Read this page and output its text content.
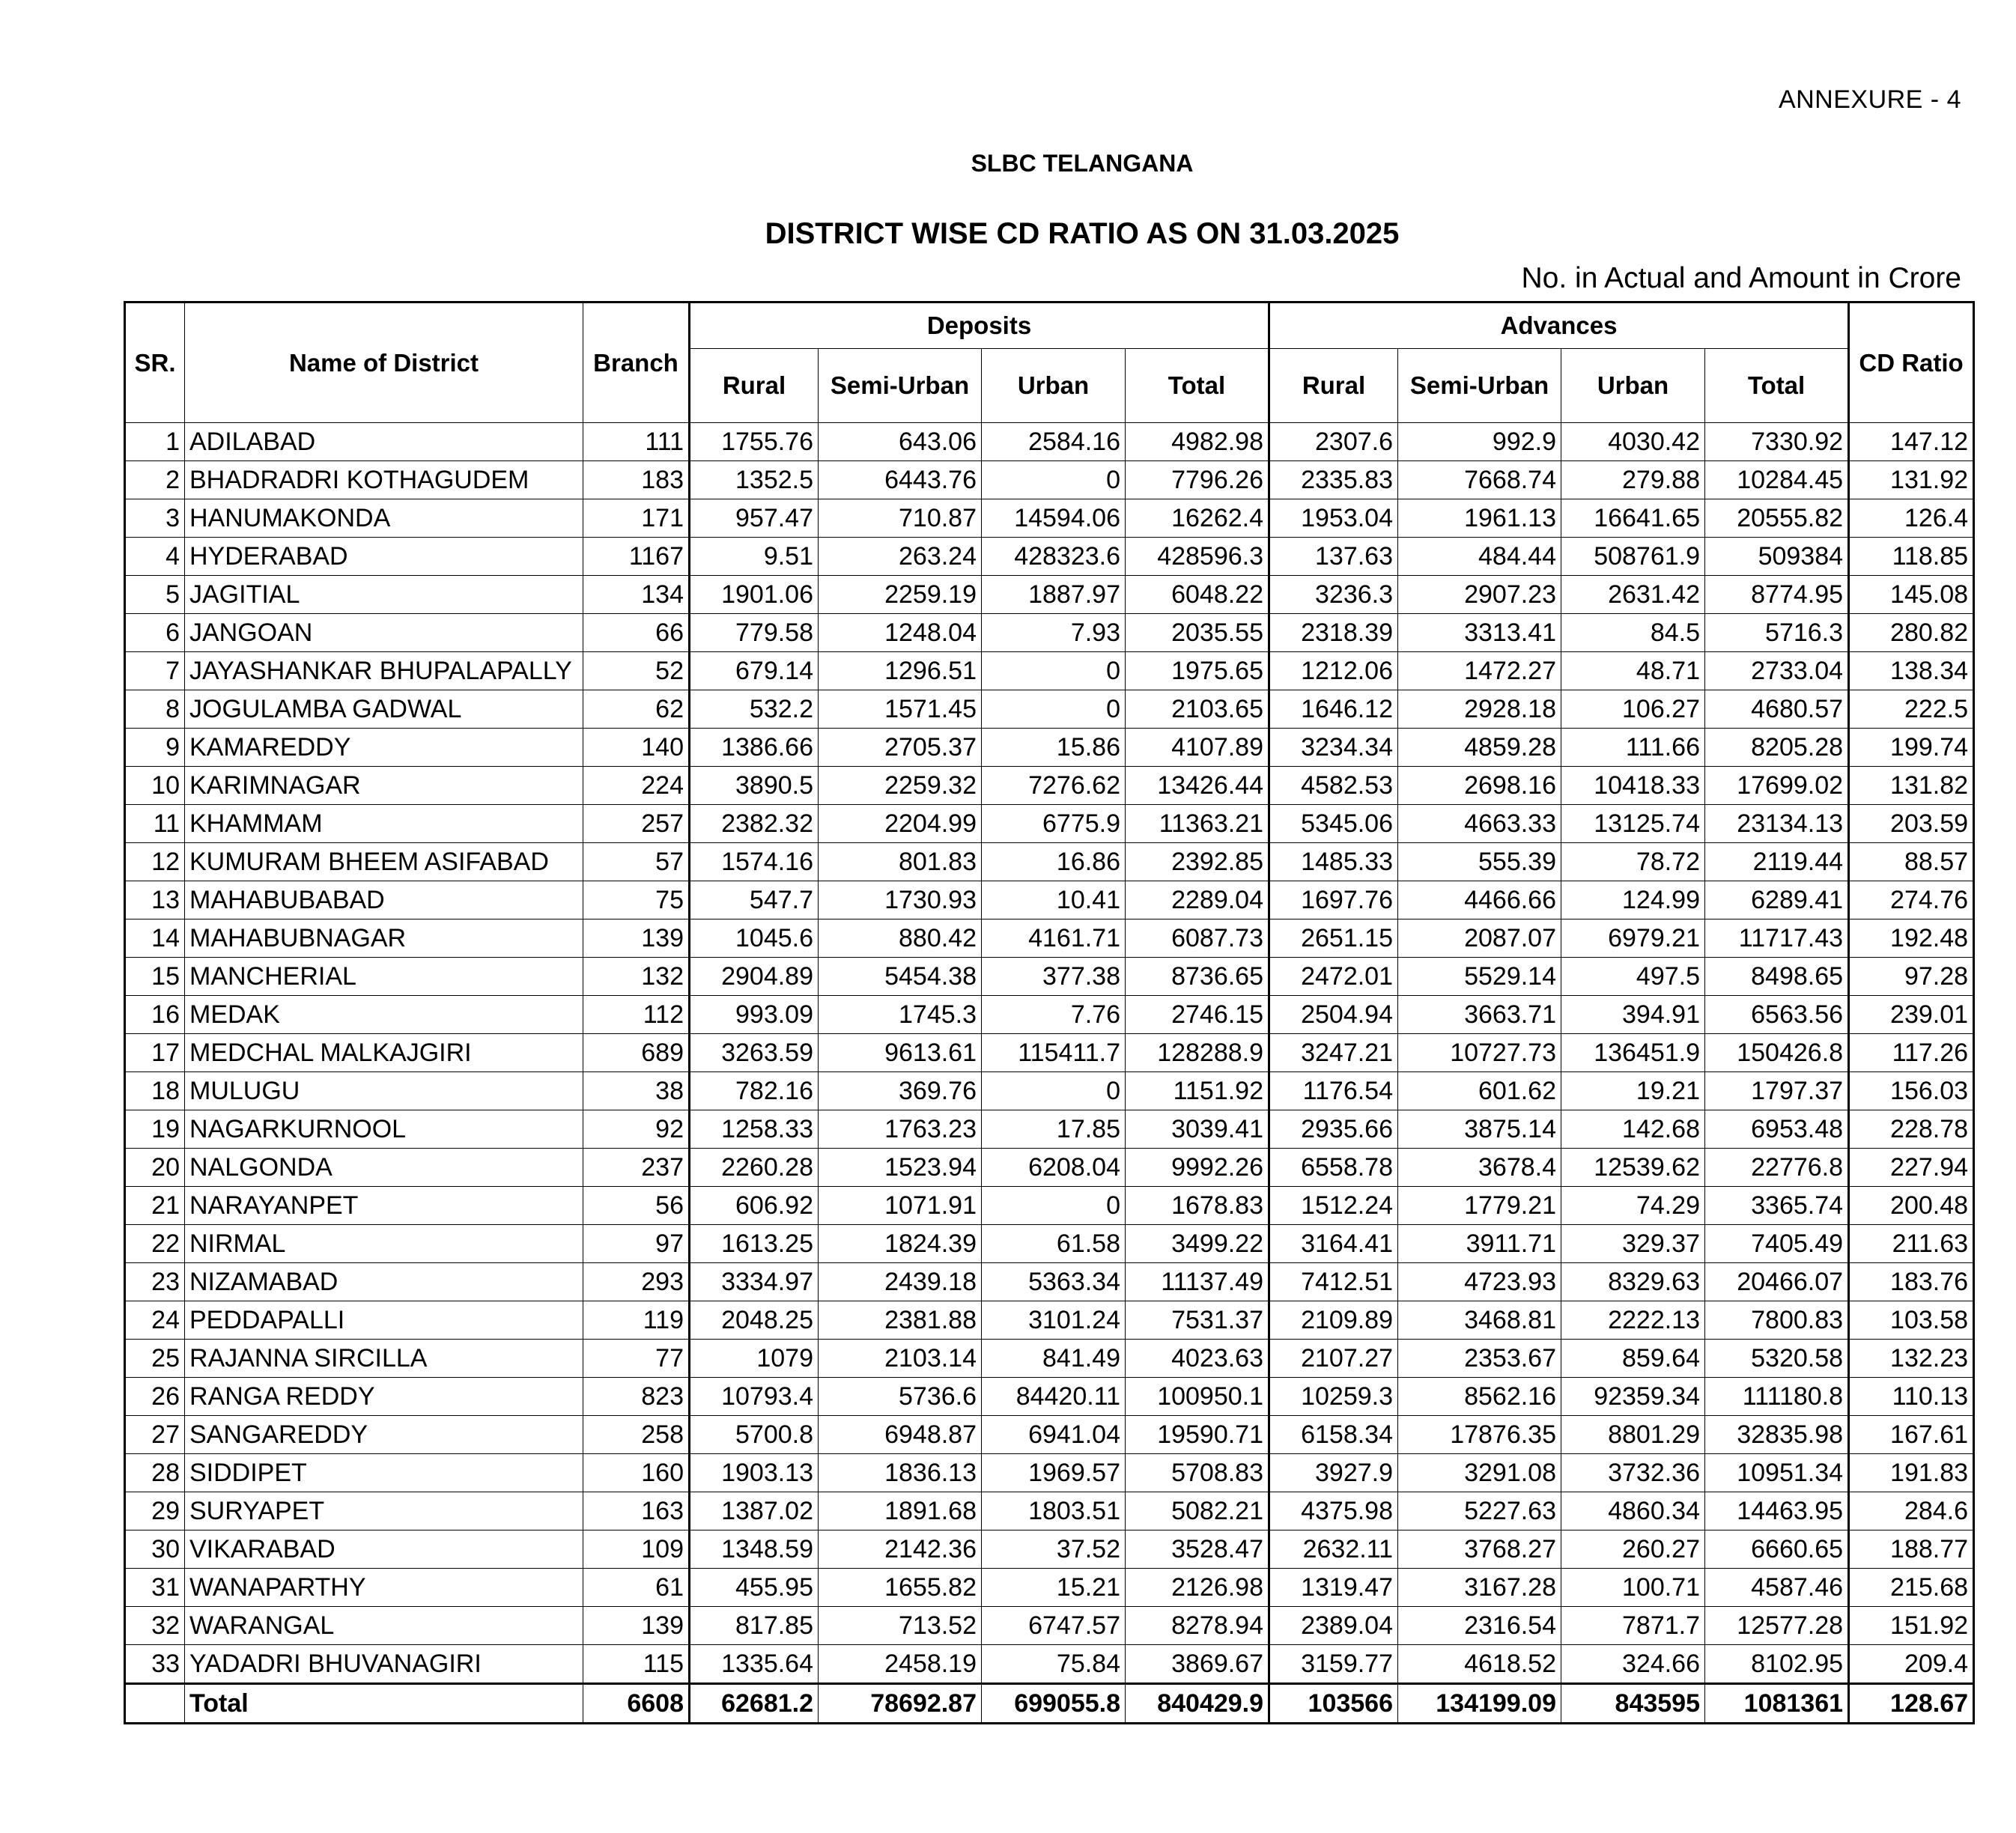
ANNEXURE - 4
SLBC TELANGANA
DISTRICT WISE CD RATIO AS ON 31.03.2025
No. in Actual and Amount in Crore
SR.	Name of District	Branch	Deposits				Advances				CD Ratio
			Rural	Semi-Urban	Urban	Total	Rural	Semi-Urban	Urban	Total	
1	ADILABAD	111	1755.76	643.06	2584.16	4982.98	2307.6	992.9	4030.42	7330.92	147.12
2	BHADRADRI KOTHAGUDEM	183	1352.5	6443.76	0	7796.26	2335.83	7668.74	279.88	10284.45	131.92
3	HANUMAKONDA	171	957.47	710.87	14594.06	16262.4	1953.04	1961.13	16641.65	20555.82	126.4
4	HYDERABAD	1167	9.51	263.24	428323.6	428596.3	137.63	484.44	508761.9	509384	118.85
5	JAGITIAL	134	1901.06	2259.19	1887.97	6048.22	3236.3	2907.23	2631.42	8774.95	145.08
6	JANGOAN	66	779.58	1248.04	7.93	2035.55	2318.39	3313.41	84.5	5716.3	280.82
7	JAYASHANKAR BHUPALAPALLY	52	679.14	1296.51	0	1975.65	1212.06	1472.27	48.71	2733.04	138.34
8	JOGULAMBA GADWAL	62	532.2	1571.45	0	2103.65	1646.12	2928.18	106.27	4680.57	222.5
9	KAMAREDDY	140	1386.66	2705.37	15.86	4107.89	3234.34	4859.28	111.66	8205.28	199.74
10	KARIMNAGAR	224	3890.5	2259.32	7276.62	13426.44	4582.53	2698.16	10418.33	17699.02	131.82
11	KHAMMAM	257	2382.32	2204.99	6775.9	11363.21	5345.06	4663.33	13125.74	23134.13	203.59
12	KUMURAM BHEEM ASIFABAD	57	1574.16	801.83	16.86	2392.85	1485.33	555.39	78.72	2119.44	88.57
13	MAHABUBABAD	75	547.7	1730.93	10.41	2289.04	1697.76	4466.66	124.99	6289.41	274.76
14	MAHABUBNAGAR	139	1045.6	880.42	4161.71	6087.73	2651.15	2087.07	6979.21	11717.43	192.48
15	MANCHERIAL	132	2904.89	5454.38	377.38	8736.65	2472.01	5529.14	497.5	8498.65	97.28
16	MEDAK	112	993.09	1745.3	7.76	2746.15	2504.94	3663.71	394.91	6563.56	239.01
17	MEDCHAL MALKAJGIRI	689	3263.59	9613.61	115411.7	128288.9	3247.21	10727.73	136451.9	150426.8	117.26
18	MULUGU	38	782.16	369.76	0	1151.92	1176.54	601.62	19.21	1797.37	156.03
19	NAGARKURNOOL	92	1258.33	1763.23	17.85	3039.41	2935.66	3875.14	142.68	6953.48	228.78
20	NALGONDA	237	2260.28	1523.94	6208.04	9992.26	6558.78	3678.4	12539.62	22776.8	227.94
21	NARAYANPET	56	606.92	1071.91	0	1678.83	1512.24	1779.21	74.29	3365.74	200.48
22	NIRMAL	97	1613.25	1824.39	61.58	3499.22	3164.41	3911.71	329.37	7405.49	211.63
23	NIZAMABAD	293	3334.97	2439.18	5363.34	11137.49	7412.51	4723.93	8329.63	20466.07	183.76
24	PEDDAPALLI	119	2048.25	2381.88	3101.24	7531.37	2109.89	3468.81	2222.13	7800.83	103.58
25	RAJANNA SIRCILLA	77	1079	2103.14	841.49	4023.63	2107.27	2353.67	859.64	5320.58	132.23
26	RANGA REDDY	823	10793.4	5736.6	84420.11	100950.1	10259.3	8562.16	92359.34	111180.8	110.13
27	SANGAREDDY	258	5700.8	6948.87	6941.04	19590.71	6158.34	17876.35	8801.29	32835.98	167.61
28	SIDDIPET	160	1903.13	1836.13	1969.57	5708.83	3927.9	3291.08	3732.36	10951.34	191.83
29	SURYAPET	163	1387.02	1891.68	1803.51	5082.21	4375.98	5227.63	4860.34	14463.95	284.6
30	VIKARABAD	109	1348.59	2142.36	37.52	3528.47	2632.11	3768.27	260.27	6660.65	188.77
31	WANAPARTHY	61	455.95	1655.82	15.21	2126.98	1319.47	3167.28	100.71	4587.46	215.68
32	WARANGAL	139	817.85	713.52	6747.57	8278.94	2389.04	2316.54	7871.7	12577.28	151.92
33	YADADRI BHUVANAGIRI	115	1335.64	2458.19	75.84	3869.67	3159.77	4618.52	324.66	8102.95	209.4
	Total	6608	62681.2	78692.87	699055.8	840429.9	103566	134199.09	843595	1081361	128.67
